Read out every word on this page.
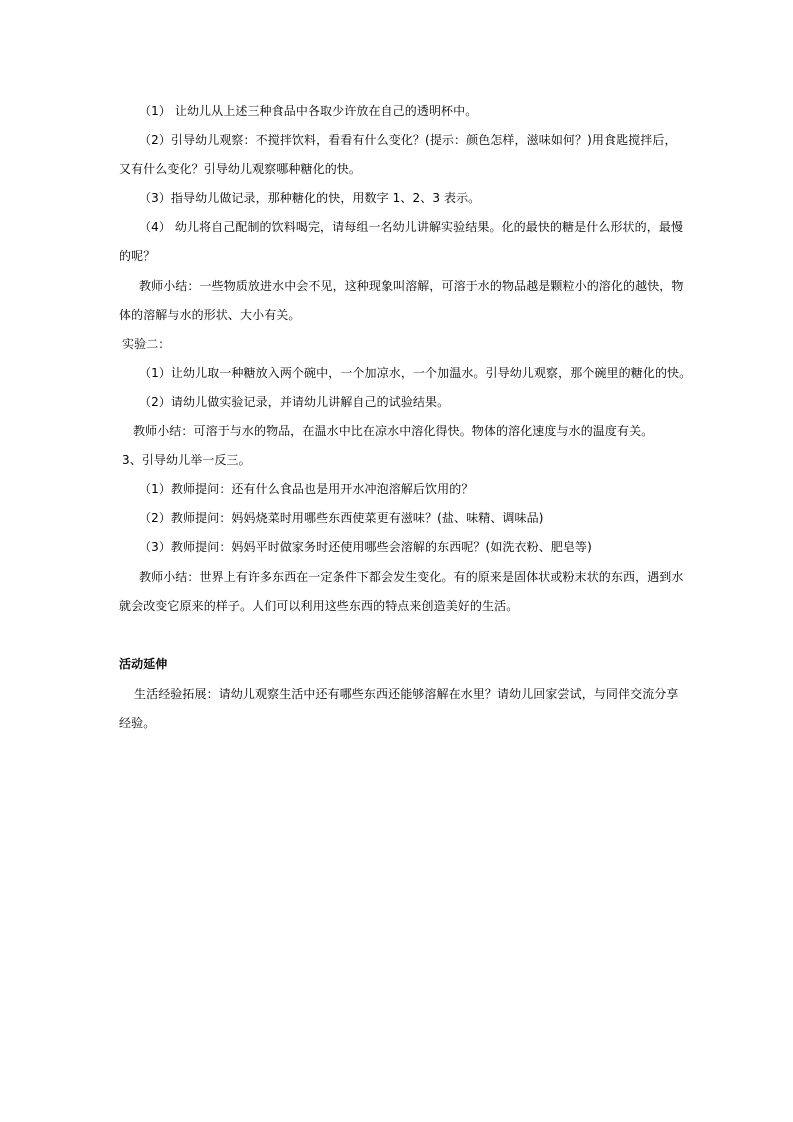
（1） 让幼儿从上述三种食品中各取少许放在自己的透明杯中。
（2）引导幼儿观察：不搅拌饮料，看看有什么变化？(提示：颜色怎样，滋味如何？)用食匙搅拌后，
又有什么变化？引导幼儿观察哪种糖化的快。
（3）指导幼儿做记录，那种糖化的快，用数字 1、2、3 表示。
（4） 幼儿将自己配制的饮料喝完，请每组一名幼儿讲解实验结果。化的最快的糖是什么形状的，最慢
的呢？
教师小结：一些物质放进水中会不见，这种现象叫溶解，可溶于水的物品越是颗粒小的溶化的越快，物
体的溶解与水的形状、大小有关。
实验二：
（1）让幼儿取一种糖放入两个碗中，一个加凉水，一个加温水。引导幼儿观察，那个碗里的糖化的快。
（2）请幼儿做实验记录，并请幼儿讲解自己的试验结果。
教师小结：可溶于与水的物品，在温水中比在凉水中溶化得快。物体的溶化速度与水的温度有关。
3、引导幼儿举一反三。
（1）教师提问：还有什么食品也是用开水冲泡溶解后饮用的？
（2）教师提问：妈妈烧菜时用哪些东西使菜更有滋味？(盐、味精、调味品)
（3）教师提问：妈妈平时做家务时还使用哪些会溶解的东西呢？(如洗衣粉、肥皂等)
教师小结：世界上有许多东西在一定条件下都会发生变化。有的原来是固体状或粉末状的东西，遇到水
就会改变它原来的样子。人们可以利用这些东西的特点来创造美好的生活。
活动延伸
生活经验拓展：请幼儿观察生活中还有哪些东西还能够溶解在水里？请幼儿回家尝试，与同伴交流分享
经验。
